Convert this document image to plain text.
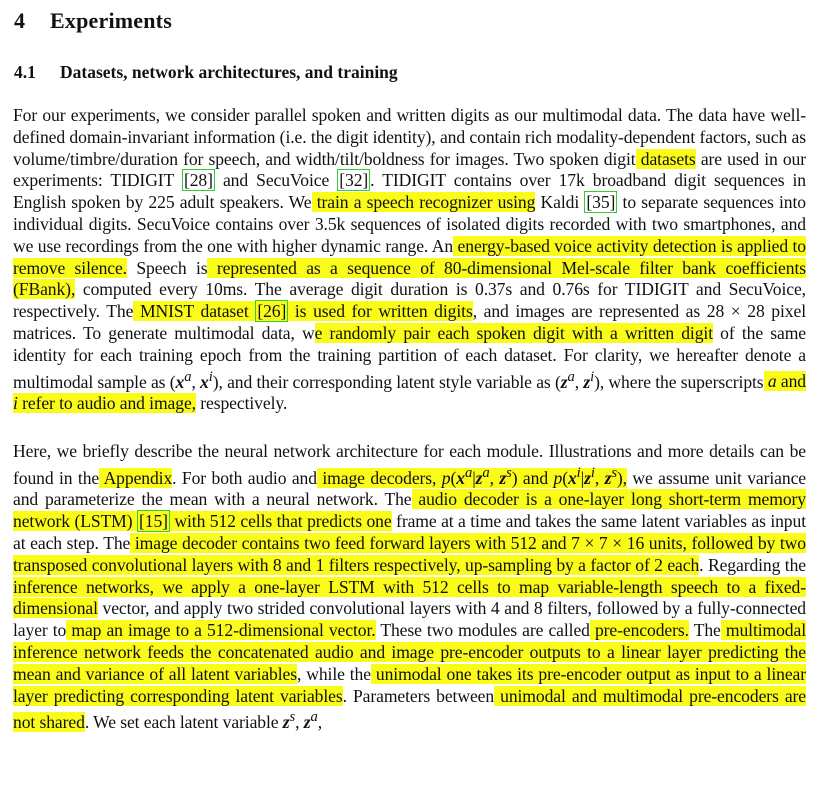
4 Experiments
4.1 Datasets, network architectures, and training

For our experiments, we consider parallel spoken and written digits as our multimodal data. The data have well-defined domain-invariant information (i.e. the digit identity), and contain rich modality-dependent factors, such as volume/timbre/duration for speech, and width/tilt/boldness for images. Two spoken digit datasets are used in our experiments: TIDIGIT [28] and SecuVoice [32] . TIDIGIT contains over 17k broadband digit sequences in English spoken by 225 adult speakers. We train a speech recognizer using Kaldi [35] to separate sequences into individual digits. SecuVoice contains over 3.5k sequences of isolated digits recorded with two smartphones, and we use recordings from the one with higher dynamic range. An energy-based voice activity detection is applied to remove silence. Speech is represented as a sequence of 80-dimensional Mel-scale filter bank coefficients (FBank), computed every 10ms. The average digit duration is 0.37s and 0.76s for TIDIGIT and SecuVoice, respectively. The MNIST dataset [26] is used for written digits, and images are represented as 28 × 28 pixel matrices. To generate multimodal data, we randomly pair each spoken digit with a written digit of the same identity for each training epoch from the training partition of each dataset. For clarity, we hereafter denote a multimodal sample as ($x^a$, $x^i$), and their corresponding latent style variable as ($z^a$, $z^i$), where the superscripts a and i refer to audio and image, respectively.

Here, we briefly describe the neural network architecture for each module. Illustrations and more details can be found in the Appendix. For both audio and image decoders, $p(x^a|z^a$, $z^s$) and $p(x^i|z^i$, $z^s$), we assume unit variance and parameterize the mean with a neural network. The audio decoder is a one-layer long short-term memory network (LSTM) [15] with 512 cells that predicts one frame at a time and takes the same latent variables as input at each step. The image decoder contains two feed forward layers with 512 and 7 × 7 × 16 units, followed by two transposed convolutional layers with 8 and 1 filters respectively, up-sampling by a factor of 2 each. Regarding the inference networks, we apply a one-layer LSTM with 512 cells to map variable-length speech to a fixed-dimensional vector, and apply two strided convolutional layers with 4 and 8 filters, followed by a fully-connected layer to map an image to a 512-dimensional vector. These two modules are called pre-encoders. The multimodal inference network feeds the concatenated audio and image pre-encoder outputs to a linear layer predicting the mean and variance of all latent variables, while the unimodal one takes its pre-encoder output as input to a linear layer predicting corresponding latent variables. Parameters between unimodal and multimodal pre-encoders are not shared. We set each latent variable $z^s$, $z^a$,
